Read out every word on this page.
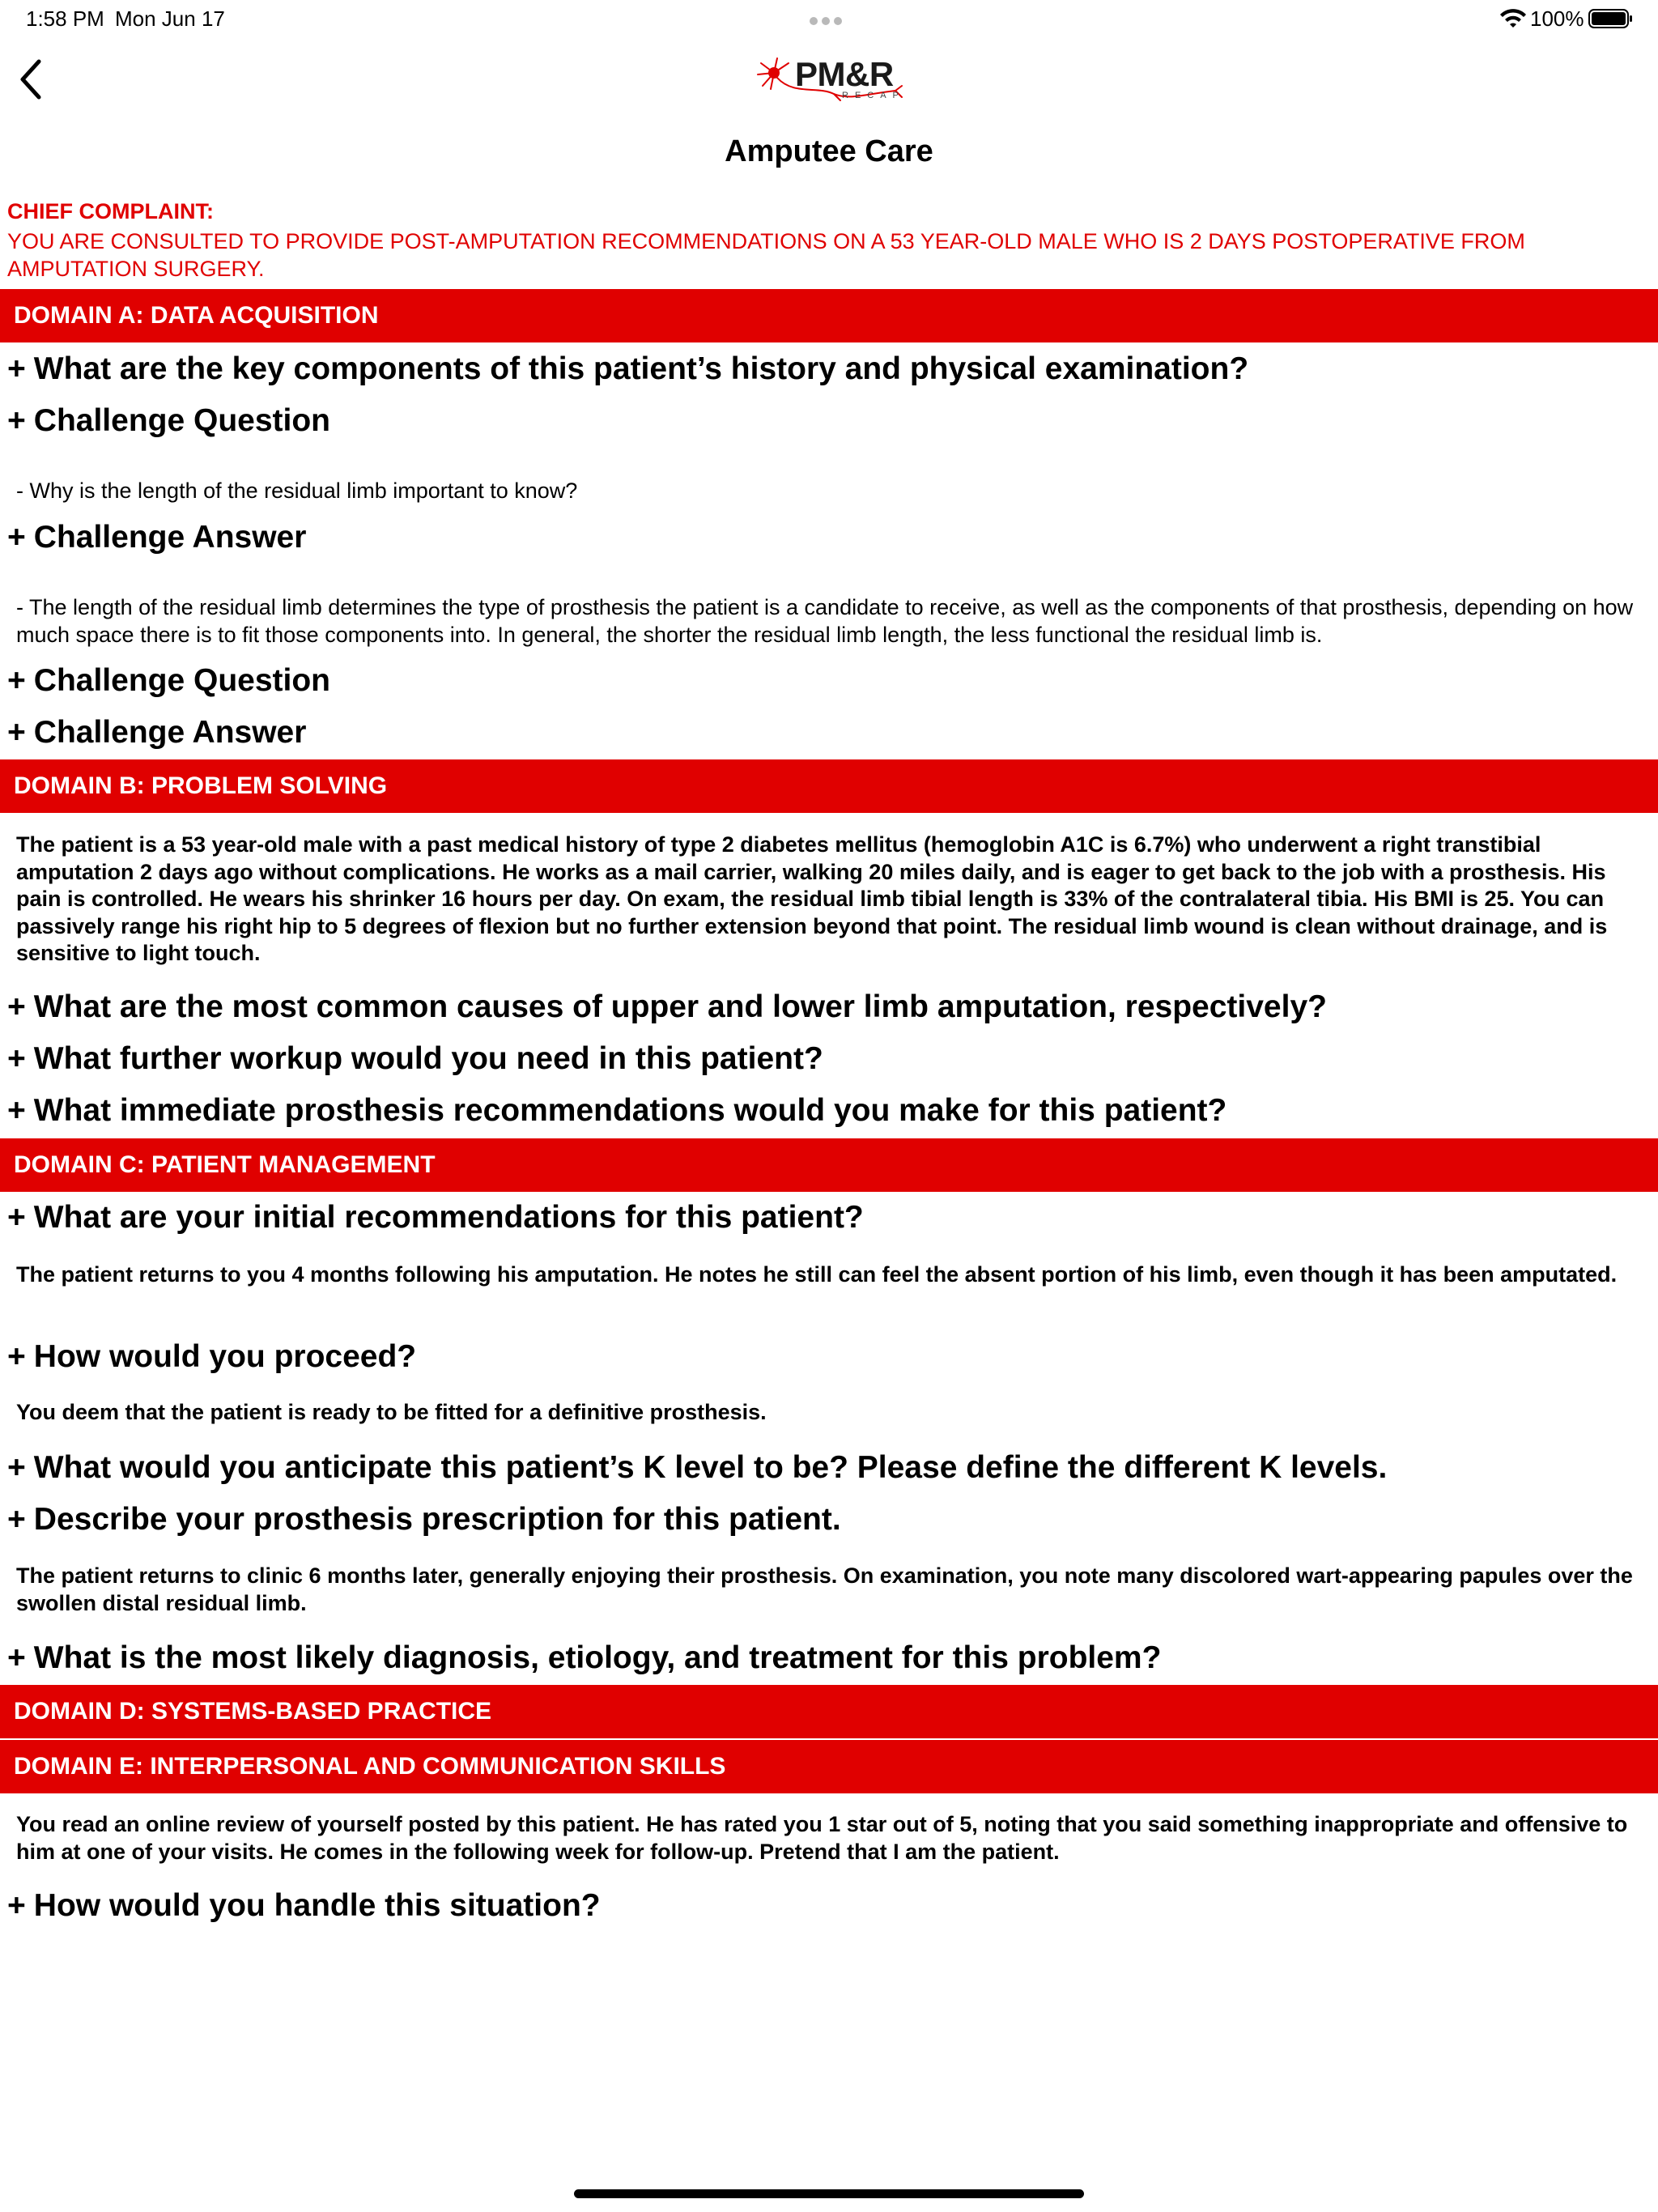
1:58 PM Mon Jun 17	100%
PM&R
RECAP
Amputee Care
CHIEF COMPLAINT:
YOU ARE CONSULTED TO PROVIDE POST-AMPUTATION RECOMMENDATIONS ON A 53 YEAR-OLD MALE WHO IS 2 DAYS POSTOPERATIVE FROM AMPUTATION SURGERY.
DOMAIN A: DATA ACQUISITION
+ What are the key components of this patient’s history and physical examination?
+ Challenge Question
- Why is the length of the residual limb important to know?
+ Challenge Answer
- The length of the residual limb determines the type of prosthesis the patient is a candidate to receive, as well as the components of that prosthesis, depending on how much space there is to fit those components into. In general, the shorter the residual limb length, the less functional the residual limb is.
+ Challenge Question
+ Challenge Answer
DOMAIN B: PROBLEM SOLVING
The patient is a 53 year-old male with a past medical history of type 2 diabetes mellitus (hemoglobin A1C is 6.7%) who underwent a right transtibial amputation 2 days ago without complications. He works as a mail carrier, walking 20 miles daily, and is eager to get back to the job with a prosthesis. His pain is controlled. He wears his shrinker 16 hours per day. On exam, the residual limb tibial length is 33% of the contralateral tibia. His BMI is 25. You can passively range his right hip to 5 degrees of flexion but no further extension beyond that point. The residual limb wound is clean without drainage, and is sensitive to light touch.
+ What are the most common causes of upper and lower limb amputation, respectively?
+ What further workup would you need in this patient?
+ What immediate prosthesis recommendations would you make for this patient?
DOMAIN C: PATIENT MANAGEMENT
+ What are your initial recommendations for this patient?
The patient returns to you 4 months following his amputation. He notes he still can feel the absent portion of his limb, even though it has been amputated.
+ How would you proceed?
You deem that the patient is ready to be fitted for a definitive prosthesis.
+ What would you anticipate this patient’s K level to be? Please define the different K levels.
+ Describe your prosthesis prescription for this patient.
The patient returns to clinic 6 months later, generally enjoying their prosthesis. On examination, you note many discolored wart-appearing papules over the swollen distal residual limb.
+ What is the most likely diagnosis, etiology, and treatment for this problem?
DOMAIN D: SYSTEMS-BASED PRACTICE
DOMAIN E: INTERPERSONAL AND COMMUNICATION SKILLS
You read an online review of yourself posted by this patient. He has rated you 1 star out of 5, noting that you said something inappropriate and offensive to him at one of your visits. He comes in the following week for follow-up. Pretend that I am the patient.
+ How would you handle this situation?
